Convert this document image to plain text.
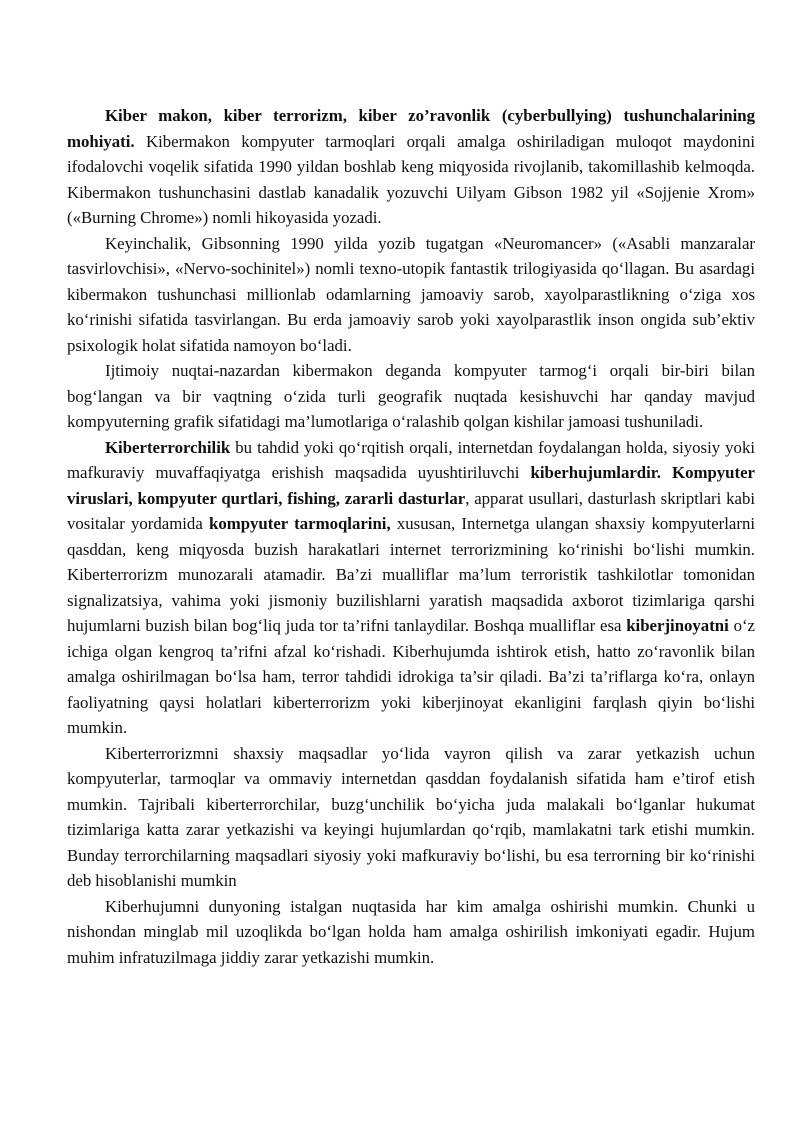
Kiber makon, kiber terrorizm, kiber zo’ravonlik (cyberbullying) tushunchalarining mohiyati. Kibermakon kompyuter tarmoqlari orqali amalga oshiriladigan muloqot maydonini ifodalovchi voqelik sifatida 1990 yildan boshlab keng miqyosida rivojlanib, takomillashib kelmoqda. Kibermakon tushunchasini dastlab kanadalik yozuvchi Uilyam Gibson 1982 yil «Sojjenie Xrom» («Burning Chrome») nomli hikoyasida yozadi.

Keyinchalik, Gibsonning 1990 yilda yozib tugatgan «Neuromancer» («Asabli manzaralar tasvirlovchisi», «Nervo-sochinitel») nomli texno-utopik fantastik trilogiyasida qo‘llagan. Bu asardagi kibermakon tushunchasi millionlab odamlarning jamoaviy sarob, xayolparastlikning o‘ziga xos ko‘rinishi sifatida tasvirlangan. Bu erda jamoaviy sarob yoki xayolparastlik inson ongida sub’ektiv psixologik holat sifatida namoyon bo‘ladi.

Ijtimoiy nuqtai-nazardan kibermakon deganda kompyuter tarmog‘i orqali bir-biri bilan bog‘langan va bir vaqtning o‘zida turli geografik nuqtada kesishuvchi har qanday mavjud kompyuterning grafik sifatidagi ma’lumotlariga o‘ralashib qolgan kishilar jamoasi tushuniladi.

Kiberterrorchilik bu tahdid yoki qo‘rqitish orqali, internetdan foydalangan holda, siyosiy yoki mafkuraviy muvaffaqiyatga erishish maqsadida uyushtiriluvchi kiberhujumlardir. Kompyuter viruslari, kompyuter qurtlari, fishing, zararli dasturlar, apparat usullari, dasturlash skriptlari kabi vositalar yordamida kompyuter tarmoqlarini, xususan, Internetga ulangan shaxsiy kompyuterlarni qasddan, keng miqyosda buzish harakatlari internet terrorizmining ko‘rinishi bo‘lishi mumkin. Kiberterrorizm munozarali atamadir. Ba’zi mualliflar ma’lum terroristik tashkilotlar tomonidan signalizatsiya, vahima yoki jismoniy buzilishlarni yaratish maqsadida axborot tizimlariga qarshi hujumlarni buzish bilan bog‘liq juda tor ta’rifni tanlaydilar. Boshqa mualliflar esa kiberjinoyatni o‘z ichiga olgan kengroq ta’rifni afzal ko‘rishadi. Kiberhujumda ishtirok etish, hatto zo‘ravonlik bilan amalga oshirilmagan bo‘lsa ham, terror tahdidi idrokiga ta’sir qiladi. Ba’zi ta’riflarga ko‘ra, onlayn faoliyatning qaysi holatlari kiberterrorizm yoki kiberjinoyat ekanligini farqlash qiyin bo‘lishi mumkin.

Kiberterrorizmni shaxsiy maqsadlar yo‘lida vayron qilish va zarar yetkazish uchun kompyuterlar, tarmoqlar va ommaviy internetdan qasddan foydalanish sifatida ham e’tirof etish mumkin. Tajribali kiberterrorchilar, buzg‘unchilik bo‘yicha juda malakali bo‘lganlar hukumat tizimlariga katta zarar yetkazishi va keyingi hujumlardan qo‘rqib, mamlakatni tark etishi mumkin. Bunday terrorchilarning maqsadlari siyosiy yoki mafkuraviy bo‘lishi, bu esa terrorning bir ko‘rinishi deb hisoblanishi mumkin

Kiberhujumni dunyoning istalgan nuqtasida har kim amalga oshirishi mumkin. Chunki u nishondan minglab mil uzoqlikda bo‘lgan holda ham amalga oshirilish imkoniyati egadir. Hujum muhim infratuzilmaga jiddiy zarar yetkazishi mumkin.
